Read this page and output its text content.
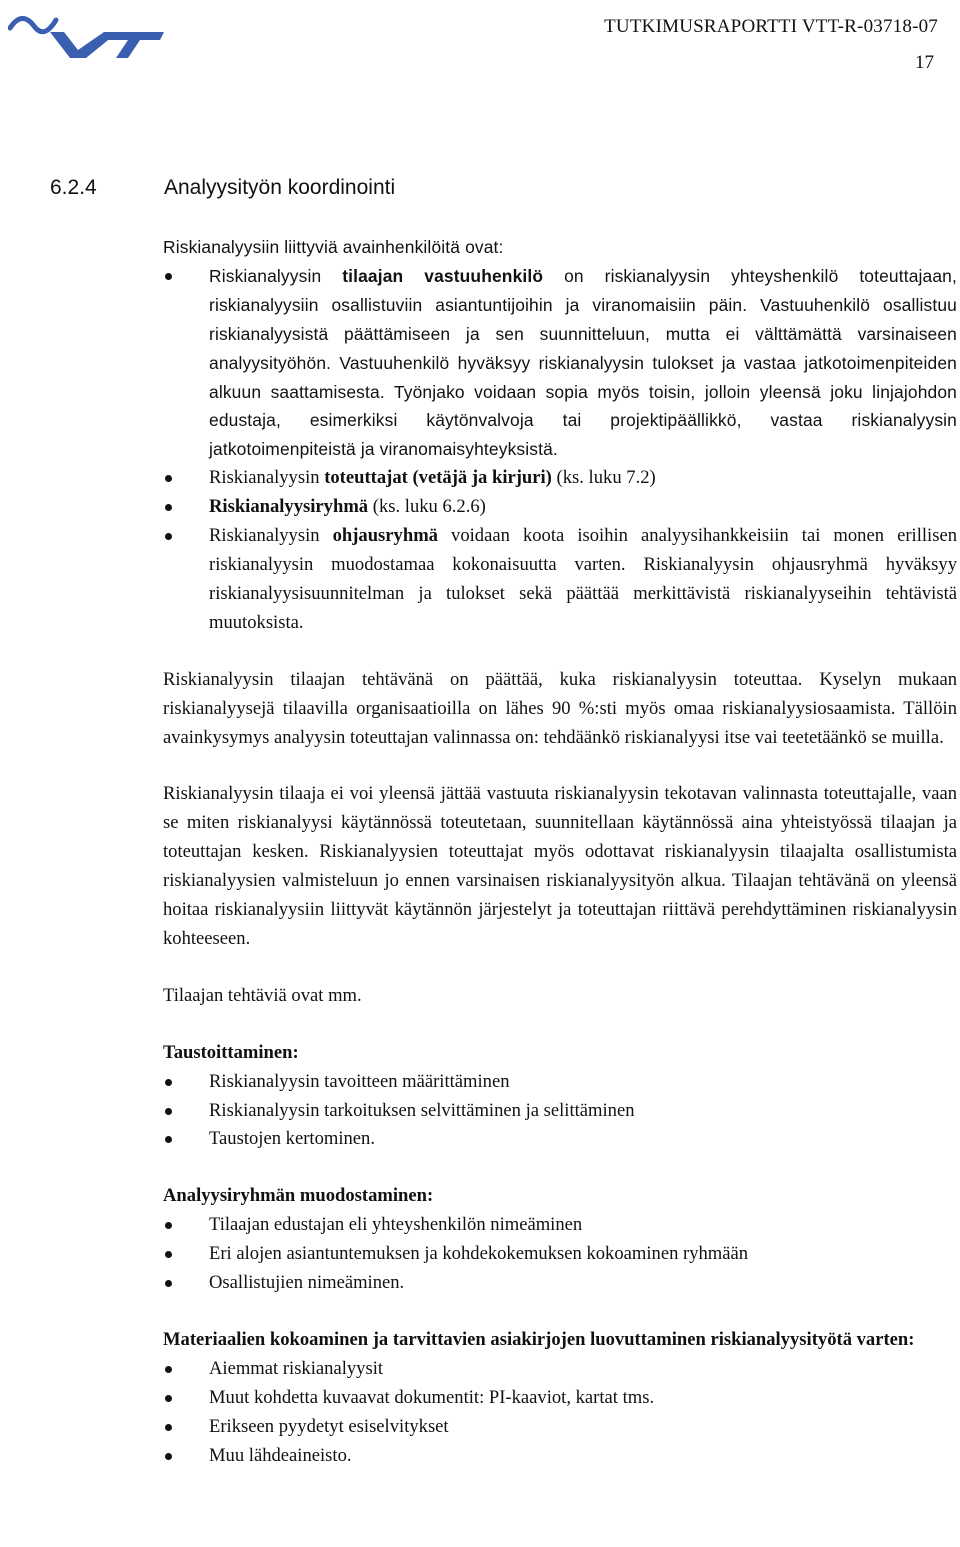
TUTKIMUSRAPORTTI VTT-R-03718-07
17
6.2.4	Analyysityön koordinointi

Riskianalyysiin liittyviä avainhenkilöitä ovat:

Riskianalyysin tilaajan vastuuhenkilö on riskianalyysin yhteyshenkilö toteuttajaan, riskianalyysiin osallistuviin asiantuntijoihin ja viranomaisiin päin. Vastuuhenkilö osallistuu riskianalyysistä päättämiseen ja sen suunnitteluun, mutta ei välttämättä varsinaiseen analyysityöhön. Vastuuhenkilö hyväksyy riskianalyysin tulokset ja vastaa jatkotoimenpiteiden alkuun saattamisesta. Työnjako voidaan sopia myös toisin, jolloin yleensä joku linjajohdon edustaja, esimerkiksi käytönvalvoja tai projektipäällikkö, vastaa riskianalyysin jatkotoimenpiteistä ja viranomaisyhteyksistä.
Riskianalyysin toteuttajat (vetäjä ja kirjuri) (ks. luku 7.2)
Riskianalyysiryhmä (ks. luku 6.2.6)
Riskianalyysin ohjausryhmä voidaan koota isoihin analyysihankkeisiin tai monen erillisen riskianalyysin muodostamaa kokonaisuutta varten. Riskianalyysin ohjausryhmä hyväksyy riskianalyysisuunnitelman ja tulokset sekä päättää merkittävistä riskianalyyseihin tehtävistä muutoksista.

Riskianalyysin tilaajan tehtävänä on päättää, kuka riskianalyysin toteuttaa. Kyselyn mukaan riskianalyysejä tilaavilla organisaatioilla on lähes 90 %:sti myös omaa riskianalyysiosaamista. Tällöin avainkysymys analyysin toteuttajan valinnassa on: tehdäänkö riskianalyysi itse vai teetetäänkö se muilla.

Riskianalyysin tilaaja ei voi yleensä jättää vastuuta riskianalyysin tekotavan valinnasta toteuttajalle, vaan se miten riskianalyysi käytännössä toteutetaan, suunnitellaan käytännössä aina yhteistyössä tilaajan ja toteuttajan kesken. Riskianalyysien toteuttajat myös odottavat riskianalyysin tilaajalta osallistumista riskianalyysien valmisteluun jo ennen varsinaisen riskianalyysityön alkua. Tilaajan tehtävänä on yleensä hoitaa riskianalyysiin liittyvät käytännön järjestelyt ja toteuttajan riittävä perehdyttäminen riskianalyysin kohteeseen.

Tilaajan tehtäviä ovat mm.

Taustoittaminen:

Riskianalyysin tavoitteen määrittäminen
Riskianalyysin tarkoituksen selvittäminen ja selittäminen
Taustojen kertominen.

Analyysiryhmän muodostaminen:

Tilaajan edustajan eli yhteyshenkilön nimeäminen
Eri alojen asiantuntemuksen ja kohdekokemuksen kokoaminen ryhmään
Osallistujien nimeäminen.

Materiaalien kokoaminen ja tarvittavien asiakirjojen luovuttaminen riskianalyysityötä varten:

Aiemmat riskianalyysit
Muut kohdetta kuvaavat dokumentit: PI-kaaviot, kartat tms.
Erikseen pyydetyt esiselvitykset
Muu lähdeaineisto.
